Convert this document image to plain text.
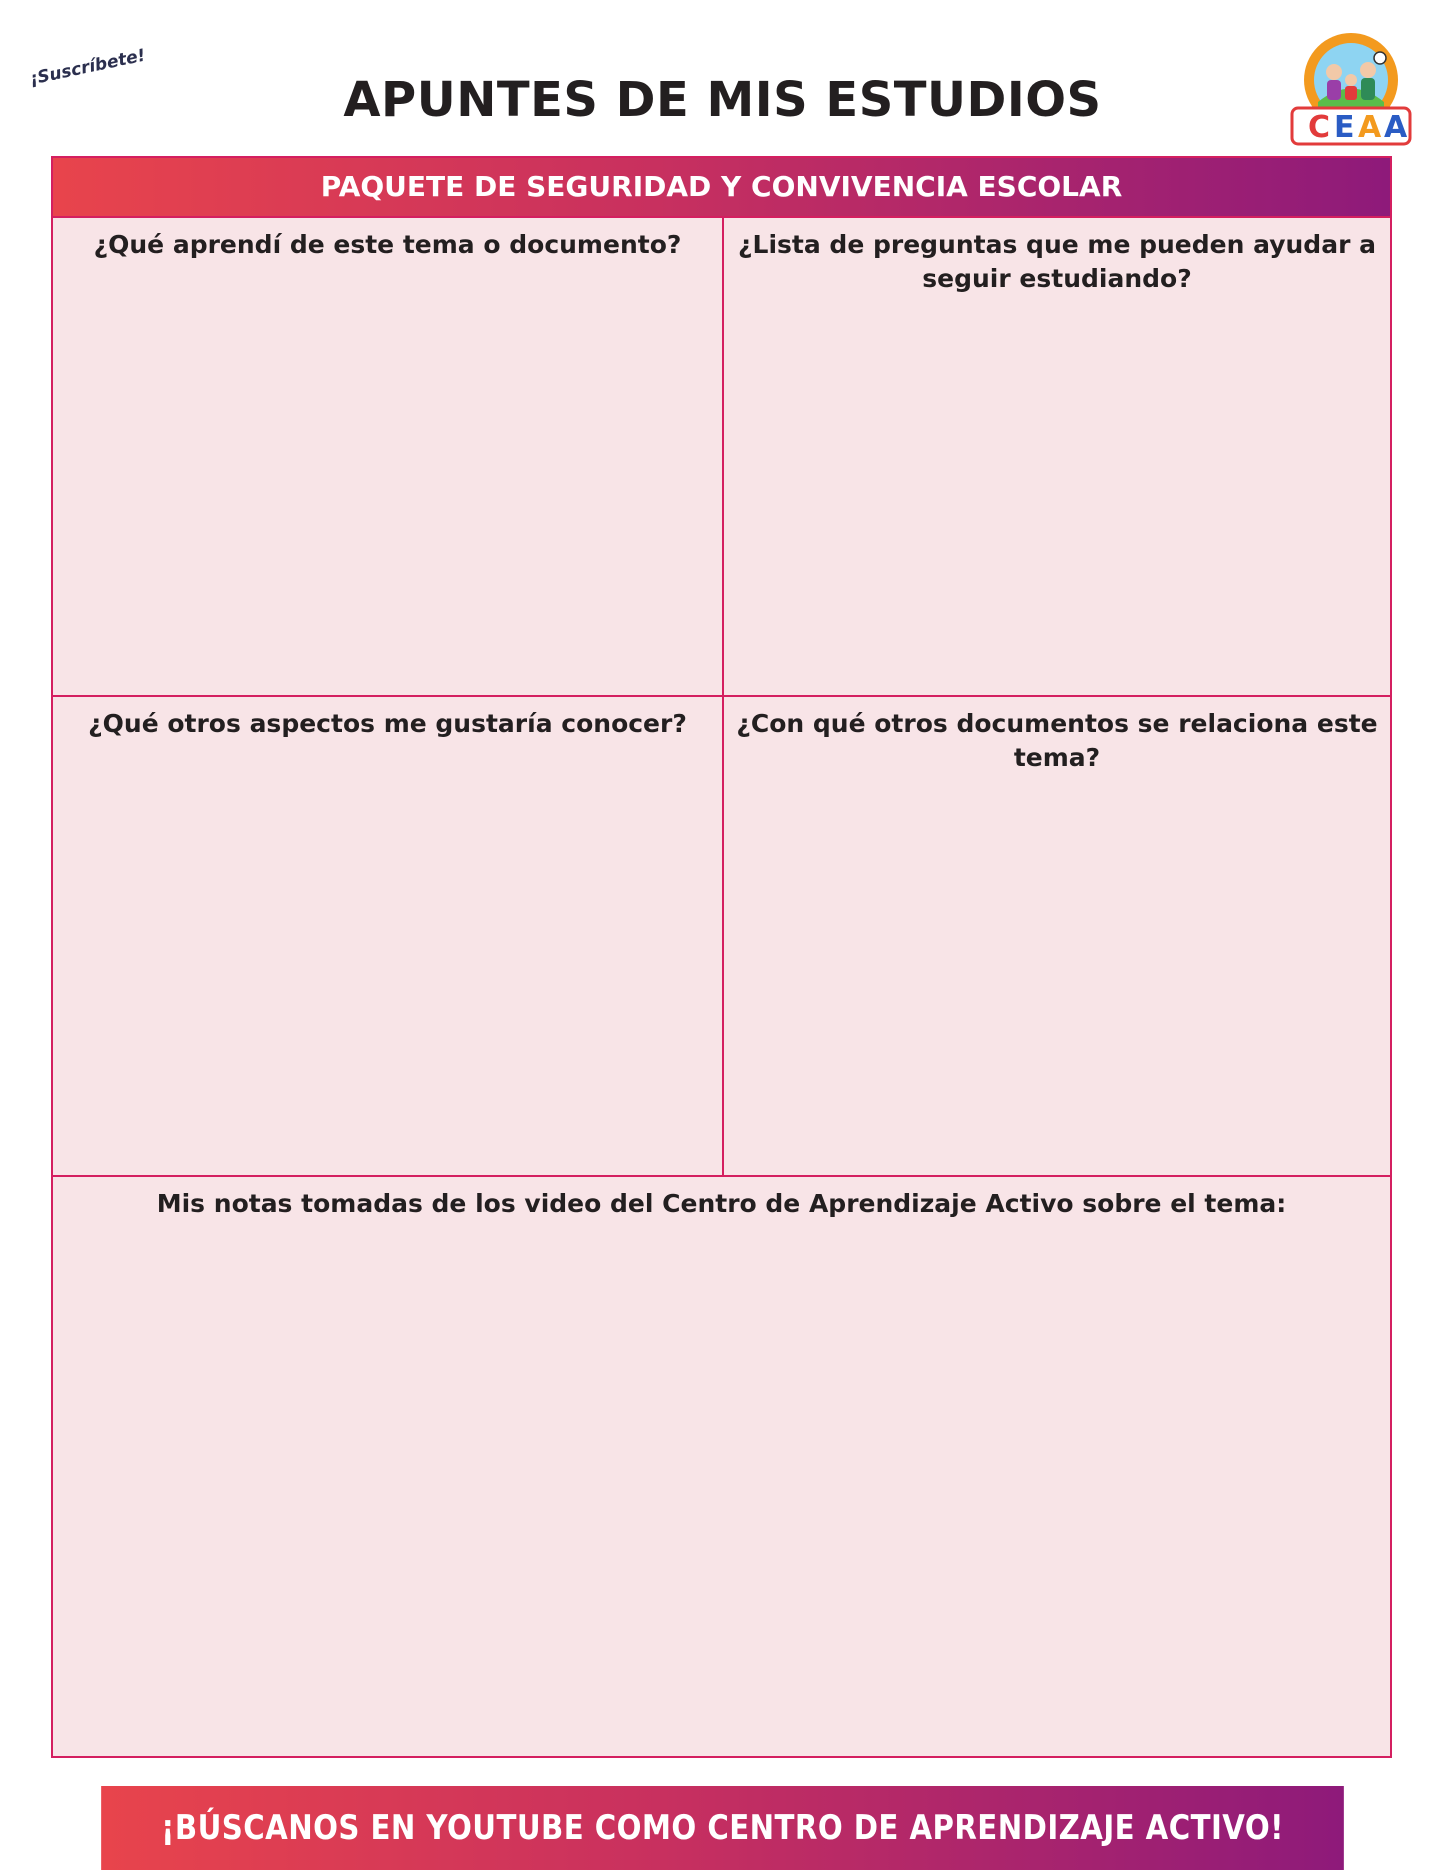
¡Suscríbete!
APUNTES DE MIS ESTUDIOS	C E A A
PAQUETE DE SEGURIDAD Y CONVIVENCIA ESCOLAR
¿Qué aprendí de este tema o documento?	¿Lista de preguntas que me pueden ayudar a seguir estudiando?
¿Qué otros aspectos me gustaría conocer?	¿Con qué otros documentos se relaciona este tema?
Mis notas tomadas de los video del Centro de Aprendizaje Activo sobre el tema:
¡BÚSCANOS EN YOUTUBE COMO CENTRO DE APRENDIZAJE ACTIVO!
